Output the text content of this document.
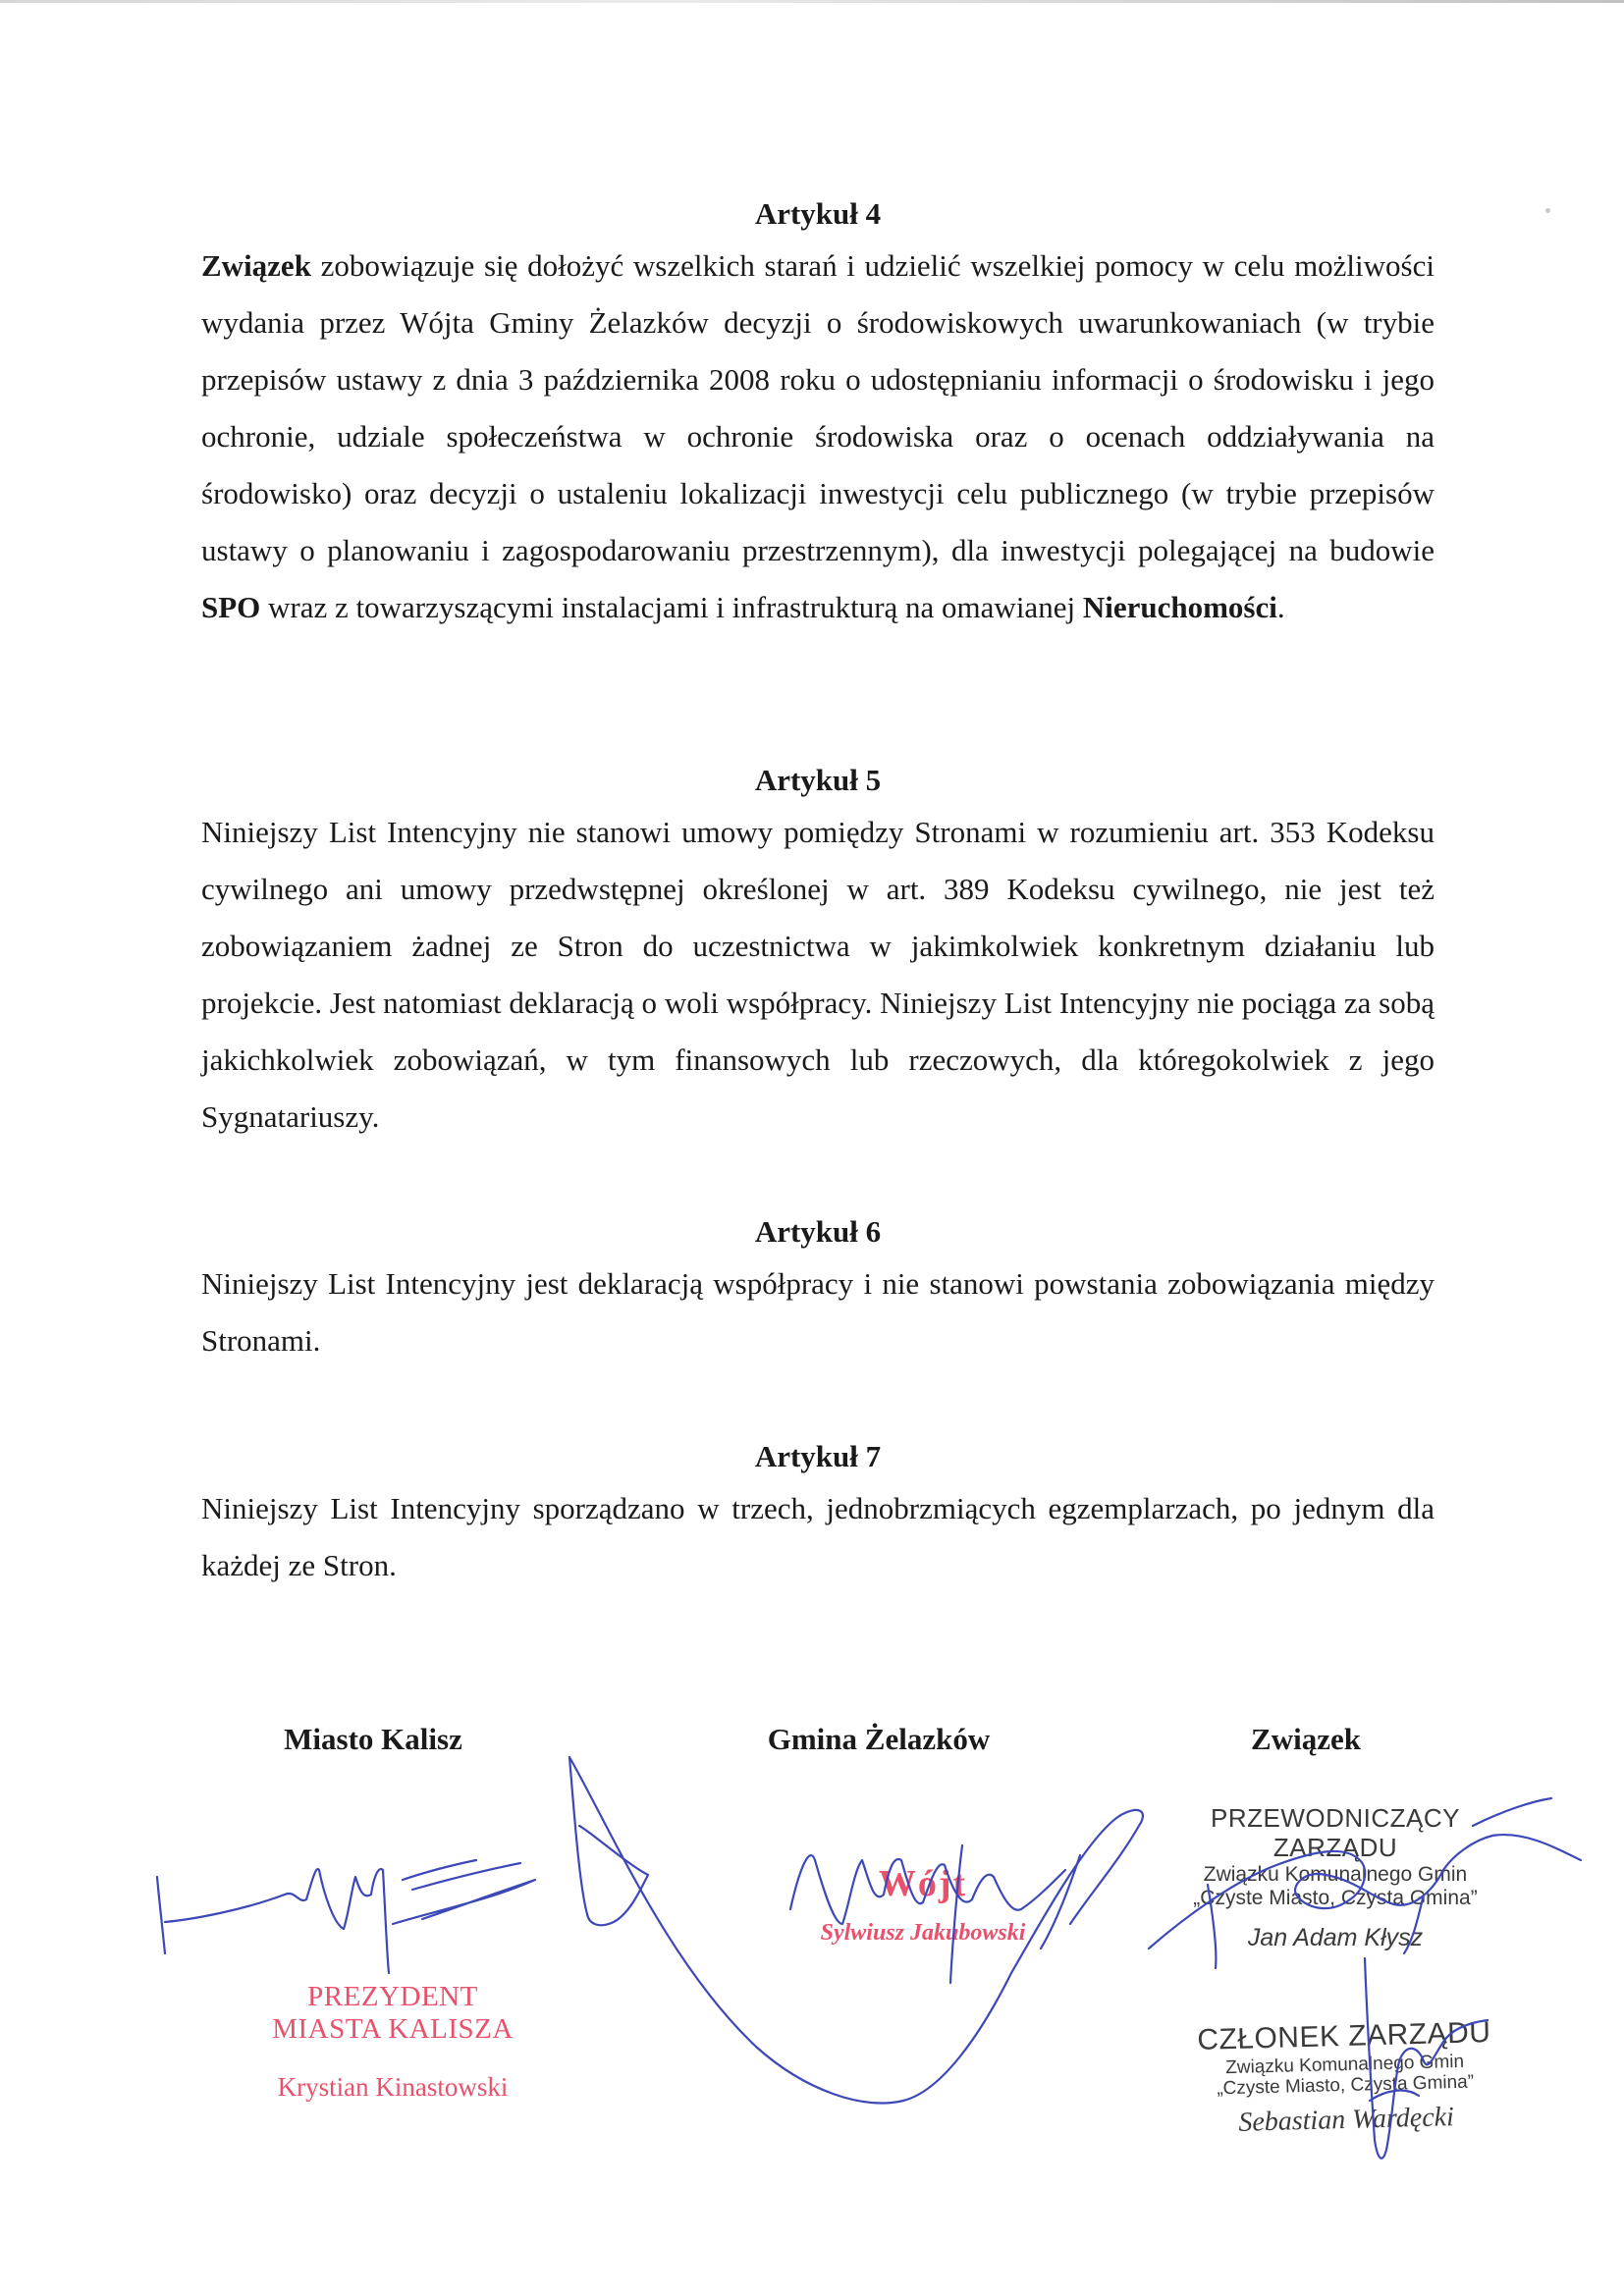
Artykuł 4

Związek zobowiązuje się dołożyć wszelkich starań i udzielić wszelkiej pomocy w celu możliwości wydania przez Wójta Gminy Żelazków decyzji o środowiskowych uwarunkowaniach (w trybie przepisów ustawy z dnia 3 października 2008 roku o udostępnianiu informacji o środowisku i jego ochronie, udziale społeczeństwa w ochronie środowiska oraz o ocenach oddziaływania na środowisko) oraz decyzji o ustaleniu lokalizacji inwestycji celu publicznego (w trybie przepisów ustawy o planowaniu i zagospodarowaniu przestrzennym), dla inwestycji polegającej na budowie SPO wraz z towarzyszącymi instalacjami i infrastrukturą na omawianej Nieruchomości.

Artykuł 5

Niniejszy List Intencyjny nie stanowi umowy pomiędzy Stronami w rozumieniu art. 353 Kodeksu cywilnego ani umowy przedwstępnej określonej w art. 389 Kodeksu cywilnego, nie jest też zobowiązaniem żadnej ze Stron do uczestnictwa w jakimkolwiek konkretnym działaniu lub projekcie. Jest natomiast deklaracją o woli współpracy. Niniejszy List Intencyjny nie pociąga za sobą jakichkolwiek zobowiązań, w tym finansowych lub rzeczowych, dla któregokolwiek z jego Sygnatariuszy.

Artykuł 6

Niniejszy List Intencyjny jest deklaracją współpracy i nie stanowi powstania zobowiązania między Stronami.

Artykuł 7

Niniejszy List Intencyjny sporządzano w trzech, jednobrzmiących egzemplarzach, po jednym dla każdej ze Stron.

Miasto Kalisz	Gmina Żelazków	Związek
PREZYDENT
MIASTA KALISZA
Krystian Kinastowski
Wójt
Sylwiusz Jakubowski
PRZEWODNICZĄCY ZARZĄDU
Związku Komunalnego Gmin
„Czyste Miasto, Czysta Gmina”
Jan Adam Kłysz
CZŁONEK ZARZĄDU
Związku Komunalnego Gmin
„Czyste Miasto, Czysta Gmina”
Sebastian Wardęcki
